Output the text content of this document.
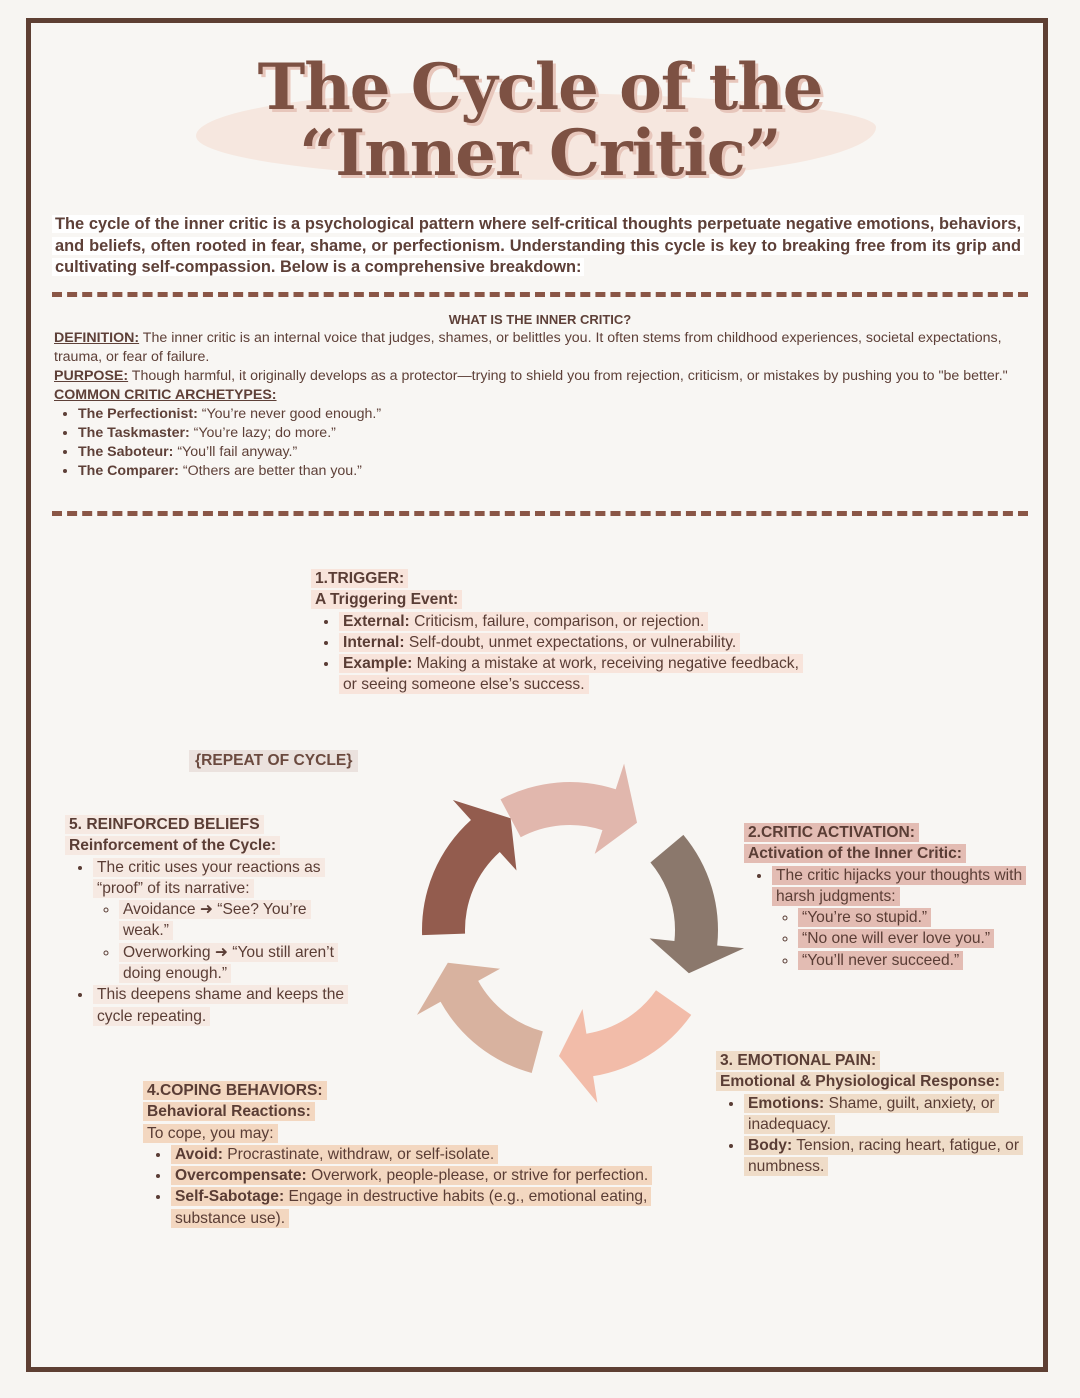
The Cycle of the
“Inner Critic”
The cycle of the inner critic is a psychological pattern where self-critical thoughts perpetuate negative emotions, behaviors, and beliefs, often rooted in fear, shame, or perfectionism. Understanding this cycle is key to breaking free from its grip and cultivating self-compassion. Below is a comprehensive breakdown:
WHAT IS THE INNER CRITIC?
DEFINITION: The inner critic is an internal voice that judges, shames, or belittles you. It often stems from childhood experiences, societal expectations, trauma, or fear of failure.
PURPOSE: Though harmful, it originally develops as a protector—trying to shield you from rejection, criticism, or mistakes by pushing you to "be better."
COMMON CRITIC ARCHETYPES:
• The Perfectionist: “You’re never good enough.”
• The Taskmaster: “You’re lazy; do more.”
• The Saboteur: “You’ll fail anyway.”
• The Comparer: “Others are better than you.”
1.TRIGGER:
A Triggering Event:
• External: Criticism, failure, comparison, or rejection.
• Internal: Self-doubt, unmet expectations, or vulnerability.
• Example: Making a mistake at work, receiving negative feedback, or seeing someone else’s success.
{REPEAT OF CYCLE}
2.CRITIC ACTIVATION:
Activation of the Inner Critic:
• The critic hijacks your thoughts with harsh judgments:
◦ “You’re so stupid.”
◦ “No one will ever love you.”
◦ “You’ll never succeed.”
3. EMOTIONAL PAIN:
Emotional & Physiological Response:
• Emotions: Shame, guilt, anxiety, or inadequacy.
• Body: Tension, racing heart, fatigue, or numbness.
4.COPING BEHAVIORS:
Behavioral Reactions:
To cope, you may:
• Avoid: Procrastinate, withdraw, or self-isolate.
• Overcompensate: Overwork, people-please, or strive for perfection.
• Self-Sabotage: Engage in destructive habits (e.g., emotional eating, substance use).
5. REINFORCED BELIEFS
Reinforcement of the Cycle:
• The critic uses your reactions as “proof” of its narrative:
◦ Avoidance ➜ “See? You’re weak.”
◦ Overworking ➜ “You still aren’t doing enough.”
• This deepens shame and keeps the cycle repeating.
